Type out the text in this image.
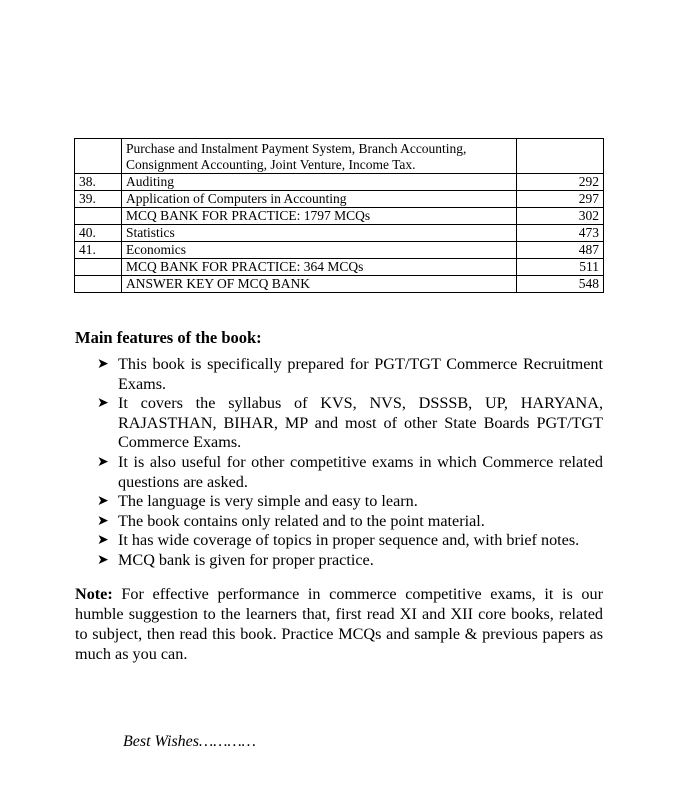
	Purchase and Instalment Payment System, Branch Accounting,
Consignment Accounting, Joint Venture, Income Tax.	

38.	Auditing	292
39.	Application of Computers in Accounting	297
	MCQ BANK FOR PRACTICE: 1797 MCQs	302
40.	Statistics	473
41.	Economics	487
	MCQ BANK FOR PRACTICE: 364 MCQs	511
	ANSWER KEY OF MCQ BANK	548
Main features of the book:
➤ This book is specifically prepared for PGT/TGT Commerce Recruitment Exams.
➤ It covers the syllabus of KVS, NVS, DSSSB, UP, HARYANA, RAJASTHAN, BIHAR, MP and most of other State Boards PGT/TGT Commerce Exams.
➤ It is also useful for other competitive exams in which Commerce related questions are asked.
➤ The language is very simple and easy to learn.
➤ The book contains only related and to the point material.
➤ It has wide coverage of topics in proper sequence and, with brief notes.
➤ MCQ bank is given for proper practice.

Note: For effective performance in commerce competitive exams, it is our humble suggestion to the learners that, first read XI and XII core books, related to subject, then read this book. Practice MCQs and sample & previous papers as much as you can.

Best Wishes…………
